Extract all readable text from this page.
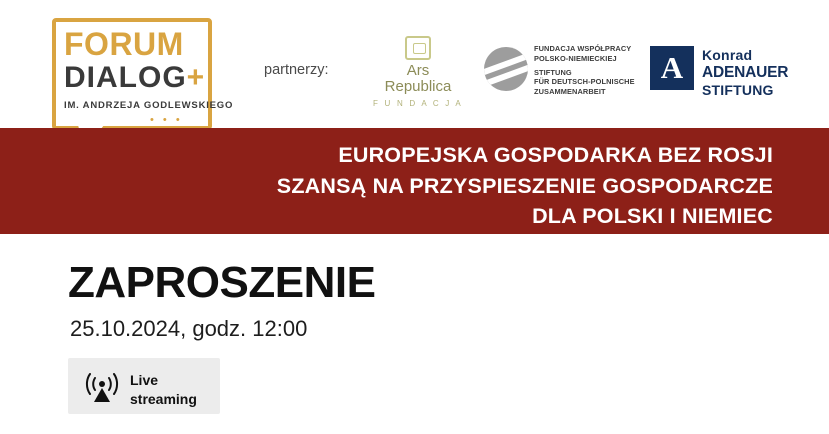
FORUM
DIALOG+
IM. ANDRZEJA GODLEWSKIEGO
• • •
partnerzy:	Ars
Republica
F U N D A C J A
FUNDACJA WSPÓŁPRACY
POLSKO-NIEMIECKIEJ
STIFTUNG
FÜR DEUTSCH-POLNISCHE
ZUSAMMENARBEIT
A	Konrad
ADENAUER
STIFTUNG
EUROPEJSKA GOSPODARKA BEZ ROSJI
SZANSĄ NA PRZYSPIESZENIE GOSPODARCZE
DLA POLSKI I NIEMIEC
ZAPROSZENIE
25.10.2024, godz. 12:00
Live
streaming
